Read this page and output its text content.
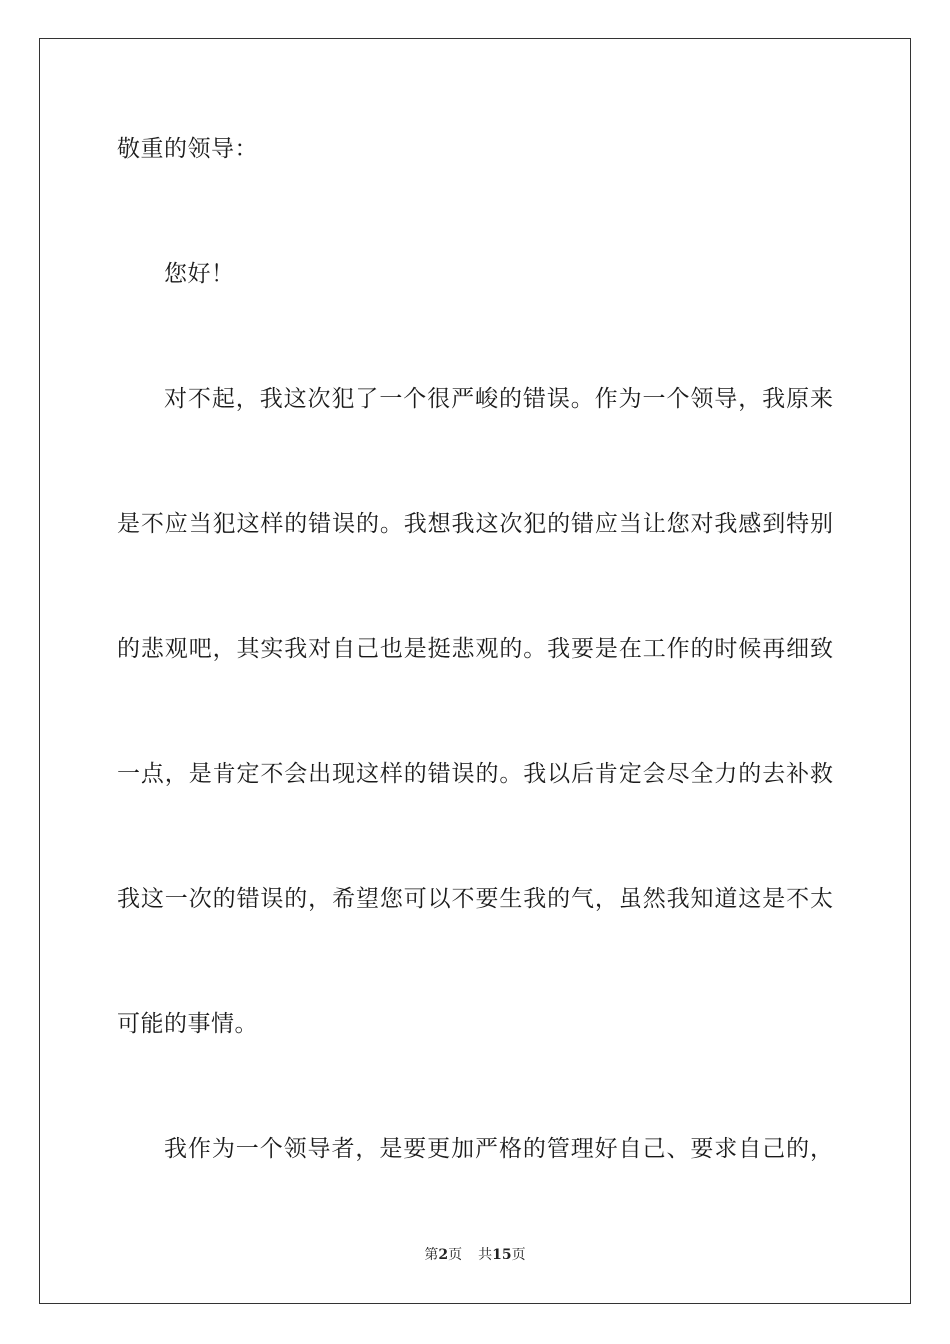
敬重的领导：
您好！
对不起，我这次犯了一个很严峻的错误。作为一个领导，我原来
是不应当犯这样的错误的。我想我这次犯的错应当让您对我感到特别
的悲观吧，其实我对自己也是挺悲观的。我要是在工作的时候再细致
一点，是肯定不会出现这样的错误的。我以后肯定会尽全力的去补救
我这一次的错误的，希望您可以不要生我的气，虽然我知道这是不太
可能的事情。
我作为一个领导者，是要更加严格的管理好自己、要求自己的，
第2页 共15页
